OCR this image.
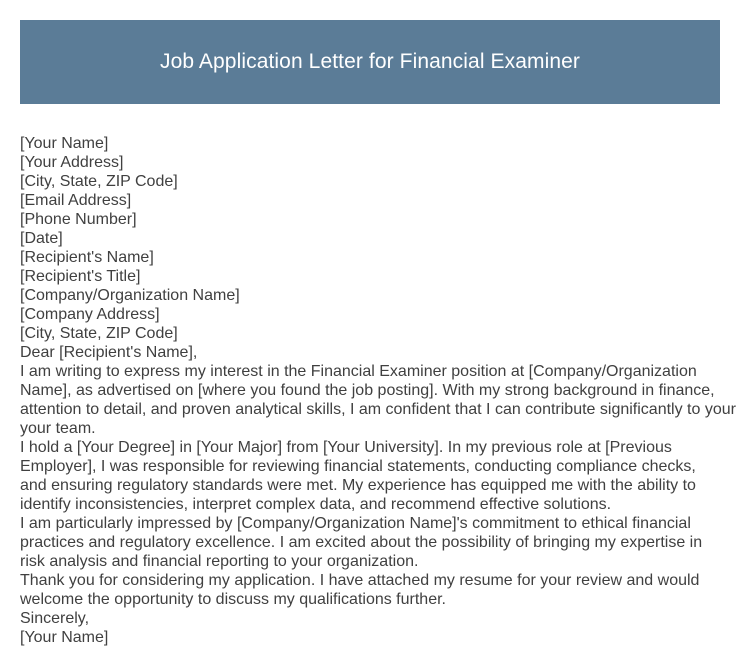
Job Application Letter for Financial Examiner
[Your Name]
[Your Address]
[City, State, ZIP Code]
[Email Address]
[Phone Number]
[Date]
[Recipient's Name]
[Recipient's Title]
[Company/Organization Name]
[Company Address]
[City, State, ZIP Code]
Dear [Recipient's Name],
I am writing to express my interest in the Financial Examiner position at [Company/Organization
Name], as advertised on [where you found the job posting]. With my strong background in finance,
attention to detail, and proven analytical skills, I am confident that I can contribute significantly to your
your team.
I hold a [Your Degree] in [Your Major] from [Your University]. In my previous role at [Previous
Employer], I was responsible for reviewing financial statements, conducting compliance checks,
and ensuring regulatory standards were met. My experience has equipped me with the ability to
identify inconsistencies, interpret complex data, and recommend effective solutions.
I am particularly impressed by [Company/Organization Name]'s commitment to ethical financial
practices and regulatory excellence. I am excited about the possibility of bringing my expertise in
risk analysis and financial reporting to your organization.
Thank you for considering my application. I have attached my resume for your review and would
welcome the opportunity to discuss my qualifications further.
Sincerely,
[Your Name]
